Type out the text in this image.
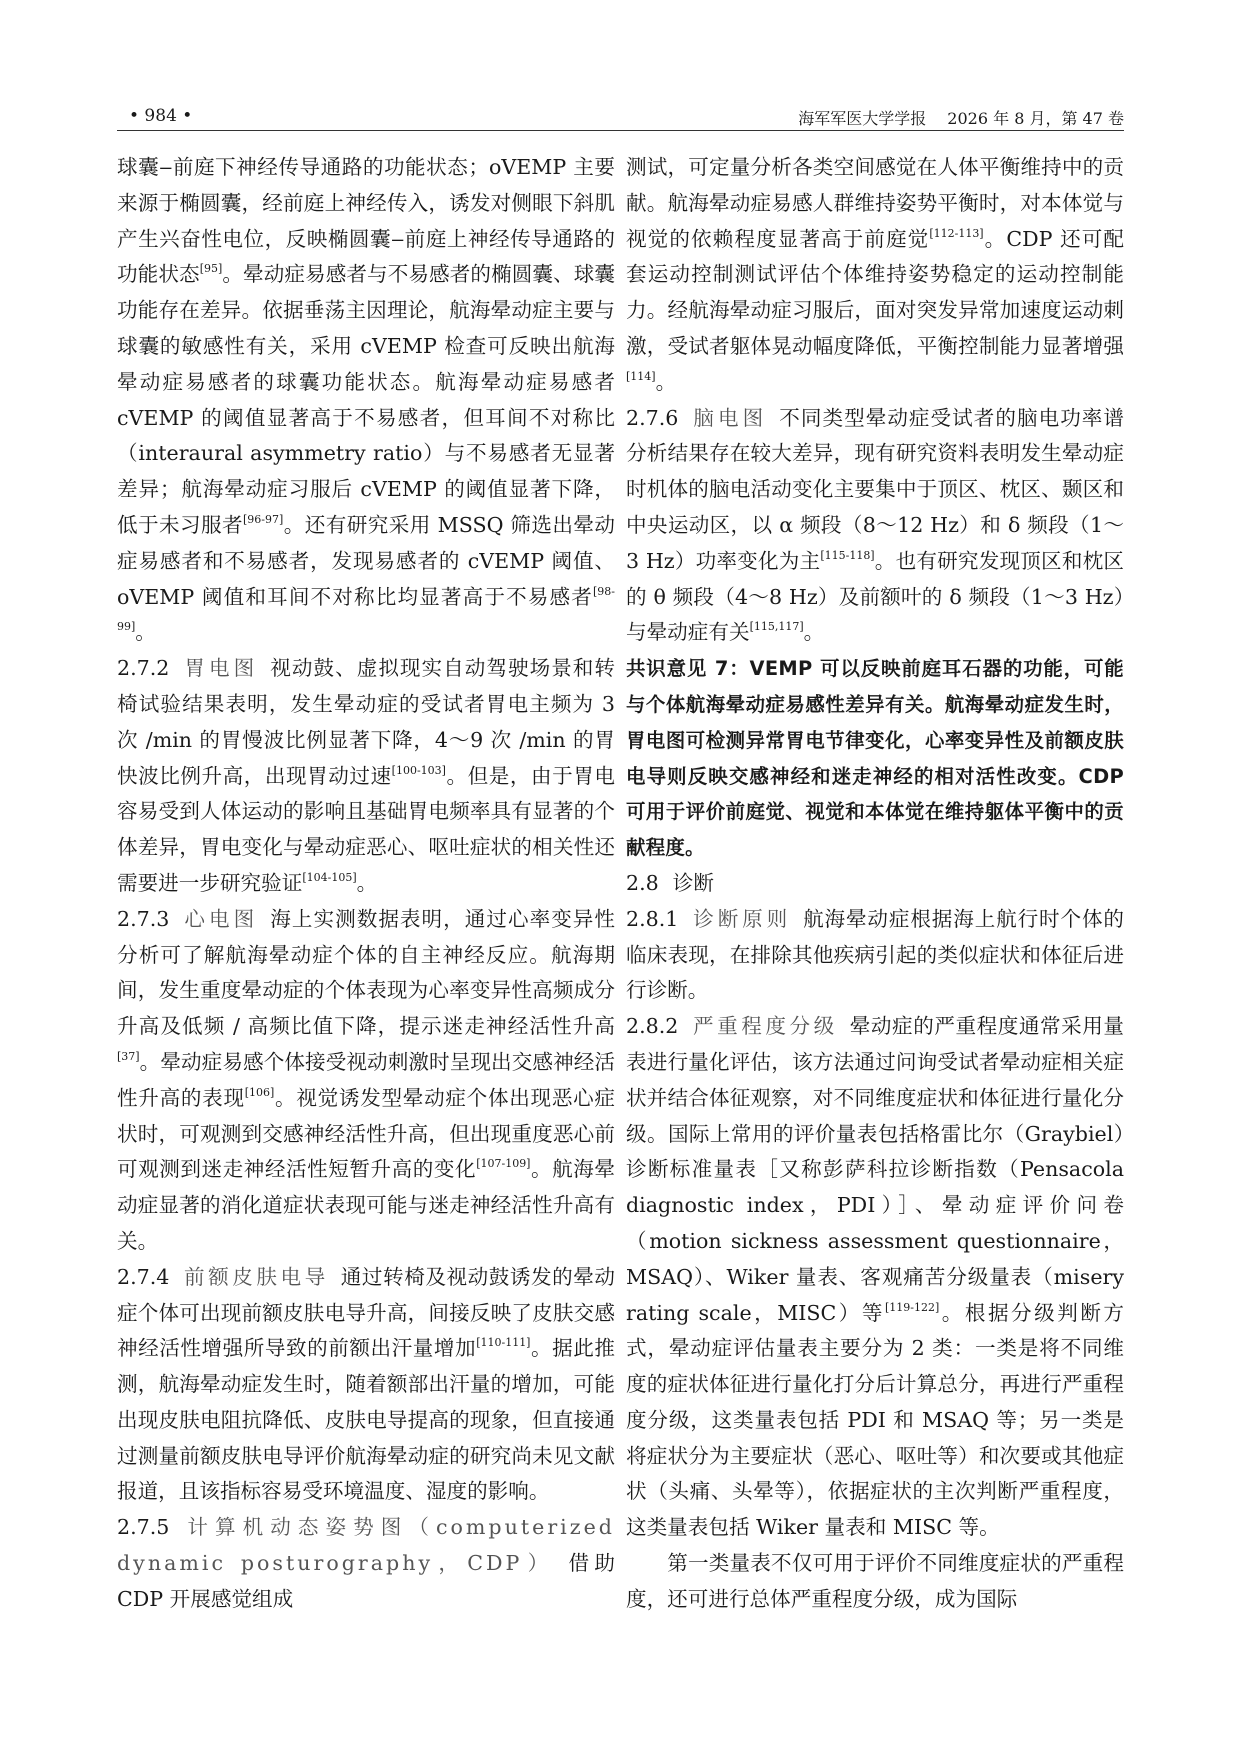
• 984 •	海军军医大学学报　 2026 年 8 月，第 47 卷

球囊‒前庭下神经传导通路的功能状态；oVEMP 主要来源于椭圆囊，经前庭上神经传入，诱发对侧眼下斜肌产生兴奋性电位，反映椭圆囊‒前庭上神经传导通路的功能状态[95]。晕动症易感者与不易感者的椭圆囊、球囊功能存在差异。依据垂荡主因理论，航海晕动症主要与球囊的敏感性有关，采用 cVEMP 检查可反映出航海晕动症易感者的球囊功能状态。航海晕动症易感者 cVEMP 的阈值显著高于不易感者，但耳间不对称比（interaural asymmetry ratio）与不易感者无显著差异；航海晕动症习服后 cVEMP 的阈值显著下降，低于未习服者[96-97]。还有研究采用 MSSQ 筛选出晕动症易感者和不易感者，发现易感者的 cVEMP 阈值、oVEMP 阈值和耳间不对称比均显著高于不易感者[98-99]。

2.7.2 胃电图 视动鼓、虚拟现实自动驾驶场景和转椅试验结果表明，发生晕动症的受试者胃电主频为 3 次 /min 的胃慢波比例显著下降，4～9 次 /min 的胃快波比例升高，出现胃动过速[100-103]。但是，由于胃电容易受到人体运动的影响且基础胃电频率具有显著的个体差异，胃电变化与晕动症恶心、呕吐症状的相关性还需要进一步研究验证[104-105]。

2.7.3 心电图 海上实测数据表明，通过心率变异性分析可了解航海晕动症个体的自主神经反应。航海期间，发生重度晕动症的个体表现为心率变异性高频成分升高及低频 / 高频比值下降，提示迷走神经活性升高[37]。晕动症易感个体接受视动刺激时呈现出交感神经活性升高的表现[106]。视觉诱发型晕动症个体出现恶心症状时，可观测到交感神经活性升高，但出现重度恶心前可观测到迷走神经活性短暂升高的变化[107-109]。航海晕动症显著的消化道症状表现可能与迷走神经活性升高有关。

2.7.4 前额皮肤电导 通过转椅及视动鼓诱发的晕动症个体可出现前额皮肤电导升高，间接反映了皮肤交感神经活性增强所导致的前额出汗量增加[110-111]。据此推测，航海晕动症发生时，随着额部出汗量的增加，可能出现皮肤电阻抗降低、皮肤电导提高的现象，但直接通过测量前额皮肤电导评价航海晕动症的研究尚未见文献报道，且该指标容易受环境温度、湿度的影响。

2.7.5 计算机动态姿势图（computerized dynamic posturography，CDP） 借助 CDP 开展感觉组成

测试，可定量分析各类空间感觉在人体平衡维持中的贡献。航海晕动症易感人群维持姿势平衡时，对本体觉与视觉的依赖程度显著高于前庭觉[112-113]。CDP 还可配套运动控制测试评估个体维持姿势稳定的运动控制能力。经航海晕动症习服后，面对突发异常加速度运动刺激，受试者躯体晃动幅度降低，平衡控制能力显著增强[114]。

2.7.6 脑电图 不同类型晕动症受试者的脑电功率谱分析结果存在较大差异，现有研究资料表明发生晕动症时机体的脑电活动变化主要集中于顶区、枕区、颞区和中央运动区，以 α 频段（8～12 Hz）和 δ 频段（1～3 Hz）功率变化为主[115-118]。也有研究发现顶区和枕区的 θ 频段（4～8 Hz）及前额叶的 δ 频段（1～3 Hz）与晕动症有关[115,117]。

共识意见 7：VEMP 可以反映前庭耳石器的功能，可能与个体航海晕动症易感性差异有关。航海晕动症发生时，胃电图可检测异常胃电节律变化，心率变异性及前额皮肤电导则反映交感神经和迷走神经的相对活性改变。CDP 可用于评价前庭觉、视觉和本体觉在维持躯体平衡中的贡献程度。

2.8 诊断

2.8.1 诊断原则 航海晕动症根据海上航行时个体的临床表现，在排除其他疾病引起的类似症状和体征后进行诊断。

2.8.2 严重程度分级 晕动症的严重程度通常采用量表进行量化评估，该方法通过问询受试者晕动症相关症状并结合体征观察，对不同维度症状和体征进行量化分级。国际上常用的评价量表包括格雷比尔（Graybiel）诊断标准量表［又称彭萨科拉诊断指数（Pensacola diagnostic index，PDI）］、晕动症评价问卷（motion sickness assessment questionnaire，MSAQ）、Wiker 量表、客观痛苦分级量表（misery rating scale，MISC）等[119-122]。根据分级判断方式，晕动症评估量表主要分为 2 类：一类是将不同维度的症状体征进行量化打分后计算总分，再进行严重程度分级，这类量表包括 PDI 和 MSAQ 等；另一类是将症状分为主要症状（恶心、呕吐等）和次要或其他症状（头痛、头晕等），依据症状的主次判断严重程度，这类量表包括 Wiker 量表和 MISC 等。

第一类量表不仅可用于评价不同维度症状的严重程度，还可进行总体严重程度分级，成为国际
